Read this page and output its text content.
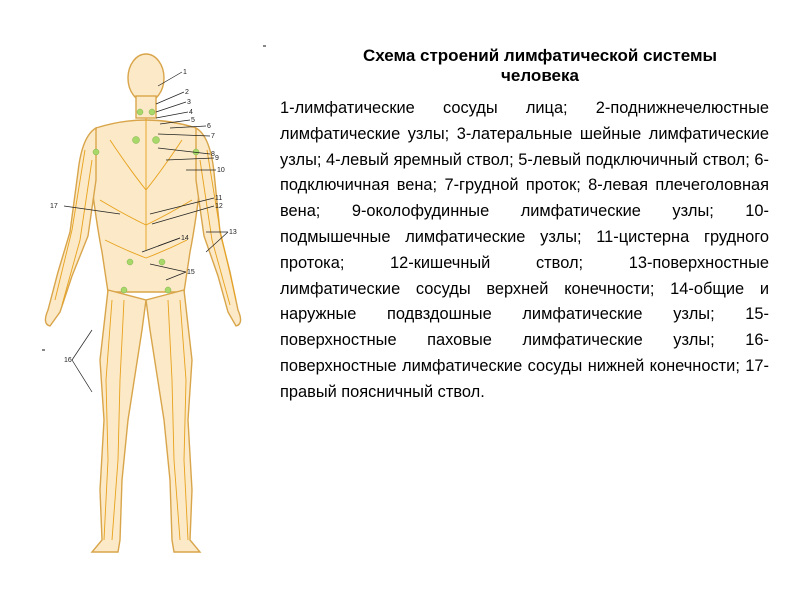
1
2
3
4
5
6
7
8
9
10
11
12
13
14
15
16
17
Схема строений лимфатической системы человека
1-лимфатические сосуды лица; 2-поднижнечелюстные лимфатические узлы; 3-латеральные шейные лимфатические узлы; 4-левый яремный ствол; 5-левый подключичный ствол; 6-подключичная вена; 7-грудной проток; 8-левая плечеголовная вена; 9-околофудинные лимфатические узлы; 10-подмышечные лимфатические узлы; 11-цистерна грудного протока; 12-кишечный ствол; 13-поверхностные лимфатические сосуды верхней конечности; 14-общие и наружные подвздошные лимфатические узлы; 15-поверхностные паховые лимфатические узлы; 16-поверхностные лимфатические сосуды нижней конечности; 17-правый поясничный ствол.
